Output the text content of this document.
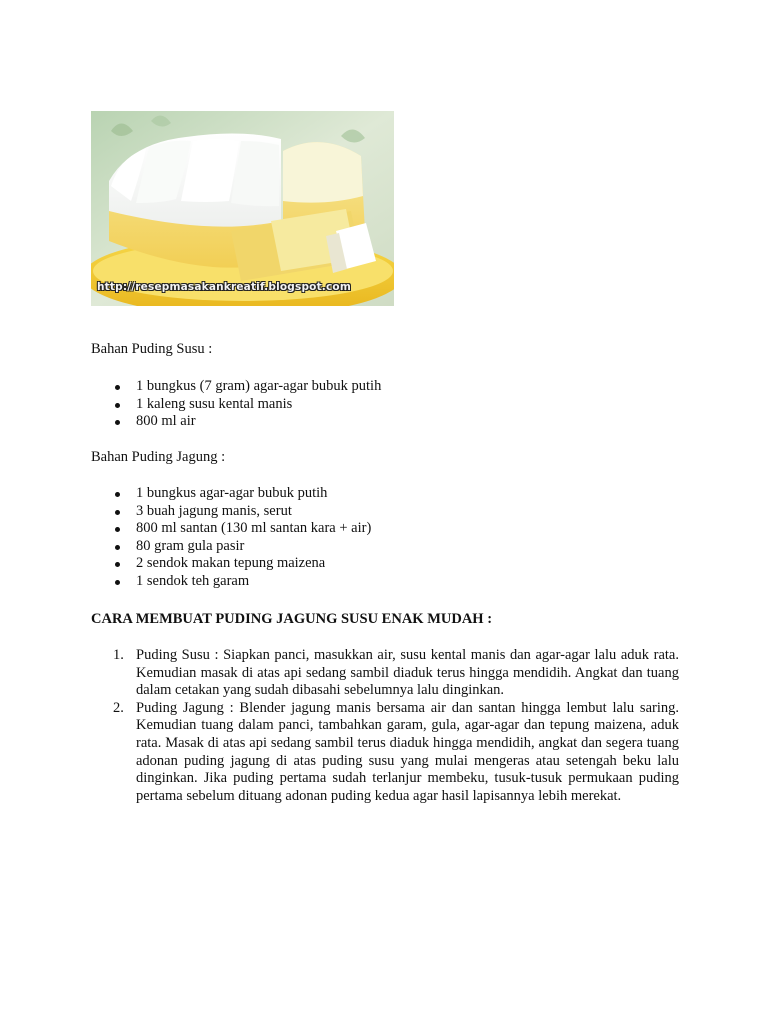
http://resepmasakankreatif.blogspot.com

Bahan Puding Susu :

1 bungkus (7 gram) agar-agar bubuk putih
1 kaleng susu kental manis
800 ml air

Bahan Puding Jagung :

1 bungkus agar-agar bubuk putih
3 buah jagung manis, serut
800 ml santan (130 ml santan kara + air)
80 gram gula pasir
2 sendok makan tepung maizena
1 sendok teh garam
CARA MEMBUAT PUDING JAGUNG SUSU ENAK MUDAH :
1. Puding Susu : Siapkan panci, masukkan air, susu kental manis dan agar-agar lalu aduk rata. Kemudian masak di atas api sedang sambil diaduk terus hingga mendidih. Angkat dan tuang dalam cetakan yang sudah dibasahi sebelumnya lalu dinginkan.
2. Puding Jagung : Blender jagung manis bersama air dan santan hingga lembut lalu saring. Kemudian tuang dalam panci, tambahkan garam, gula, agar-agar dan tepung maizena, aduk rata. Masak di atas api sedang sambil terus diaduk hingga mendidih, angkat dan segera tuang adonan puding jagung di atas puding susu yang mulai mengeras atau setengah beku lalu dinginkan. Jika puding pertama sudah terlanjur membeku, tusuk-tusuk permukaan puding pertama sebelum dituang adonan puding kedua agar hasil lapisannya lebih merekat.
